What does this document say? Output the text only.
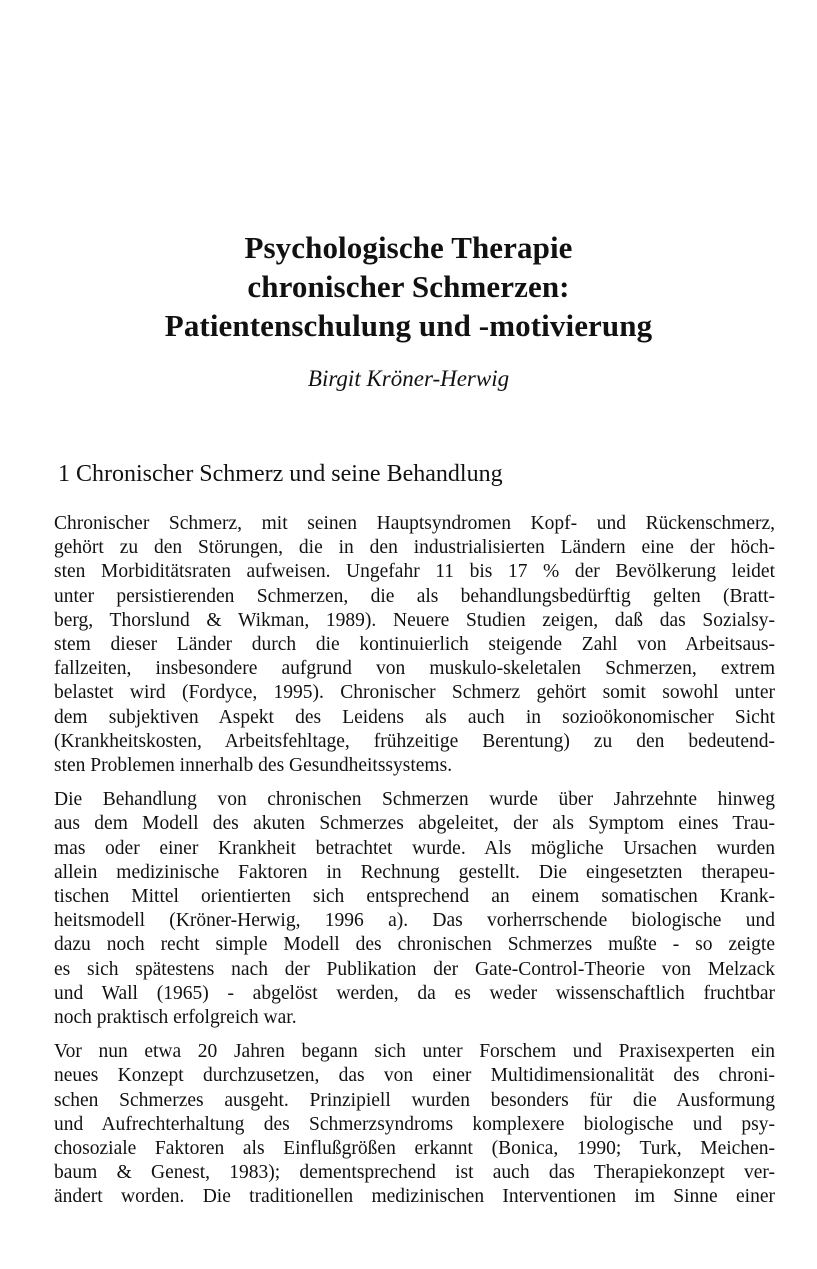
Psychologische Therapie
chronischer Schmerzen:
Patientenschulung und -motivierung
Birgit Kröner-Herwig
1 Chronischer Schmerz und seine Behandlung

Chronischer Schmerz, mit seinen Hauptsyndromen Kopf- und Rückenschmerz,
gehört zu den Störungen, die in den industrialisierten Ländern eine der höch-
sten Morbiditätsraten aufweisen. Ungefahr 11 bis 17 % der Bevölkerung leidet
unter persistierenden Schmerzen, die als behandlungsbedürftig gelten (Bratt-
berg, Thorslund & Wikman, 1989). Neuere Studien zeigen, daß das Sozialsy-
stem dieser Länder durch die kontinuierlich steigende Zahl von Arbeitsaus-
fallzeiten, insbesondere aufgrund von muskulo-skeletalen Schmerzen, extrem
belastet wird (Fordyce, 1995). Chronischer Schmerz gehört somit sowohl unter
dem subjektiven Aspekt des Leidens als auch in sozioökonomischer Sicht
(Krankheitskosten, Arbeitsfehltage, frühzeitige Berentung) zu den bedeutend-
sten Problemen innerhalb des Gesundheitssystems.

Die Behandlung von chronischen Schmerzen wurde über Jahrzehnte hinweg
aus dem Modell des akuten Schmerzes abgeleitet, der als Symptom eines Trau-
mas oder einer Krankheit betrachtet wurde. Als mögliche Ursachen wurden
allein medizinische Faktoren in Rechnung gestellt. Die eingesetzten therapeu-
tischen Mittel orientierten sich entsprechend an einem somatischen Krank-
heitsmodell (Kröner-Herwig, 1996 a). Das vorherrschende biologische und
dazu noch recht simple Modell des chronischen Schmerzes mußte - so zeigte
es sich spätestens nach der Publikation der Gate-Control-Theorie von Melzack
und Wall (1965) - abgelöst werden, da es weder wissenschaftlich fruchtbar
noch praktisch erfolgreich war.

Vor nun etwa 20 Jahren begann sich unter Forschem und Praxisexperten ein
neues Konzept durchzusetzen, das von einer Multidimensionalität des chroni-
schen Schmerzes ausgeht. Prinzipiell wurden besonders für die Ausformung
und Aufrechterhaltung des Schmerzsyndroms komplexere biologische und psy-
chosoziale Faktoren als Einflußgrößen erkannt (Bonica, 1990; Turk, Meichen-
baum & Genest, 1983); dementsprechend ist auch das Therapiekonzept ver-
ändert worden. Die traditionellen medizinischen Interventionen im Sinne einer
